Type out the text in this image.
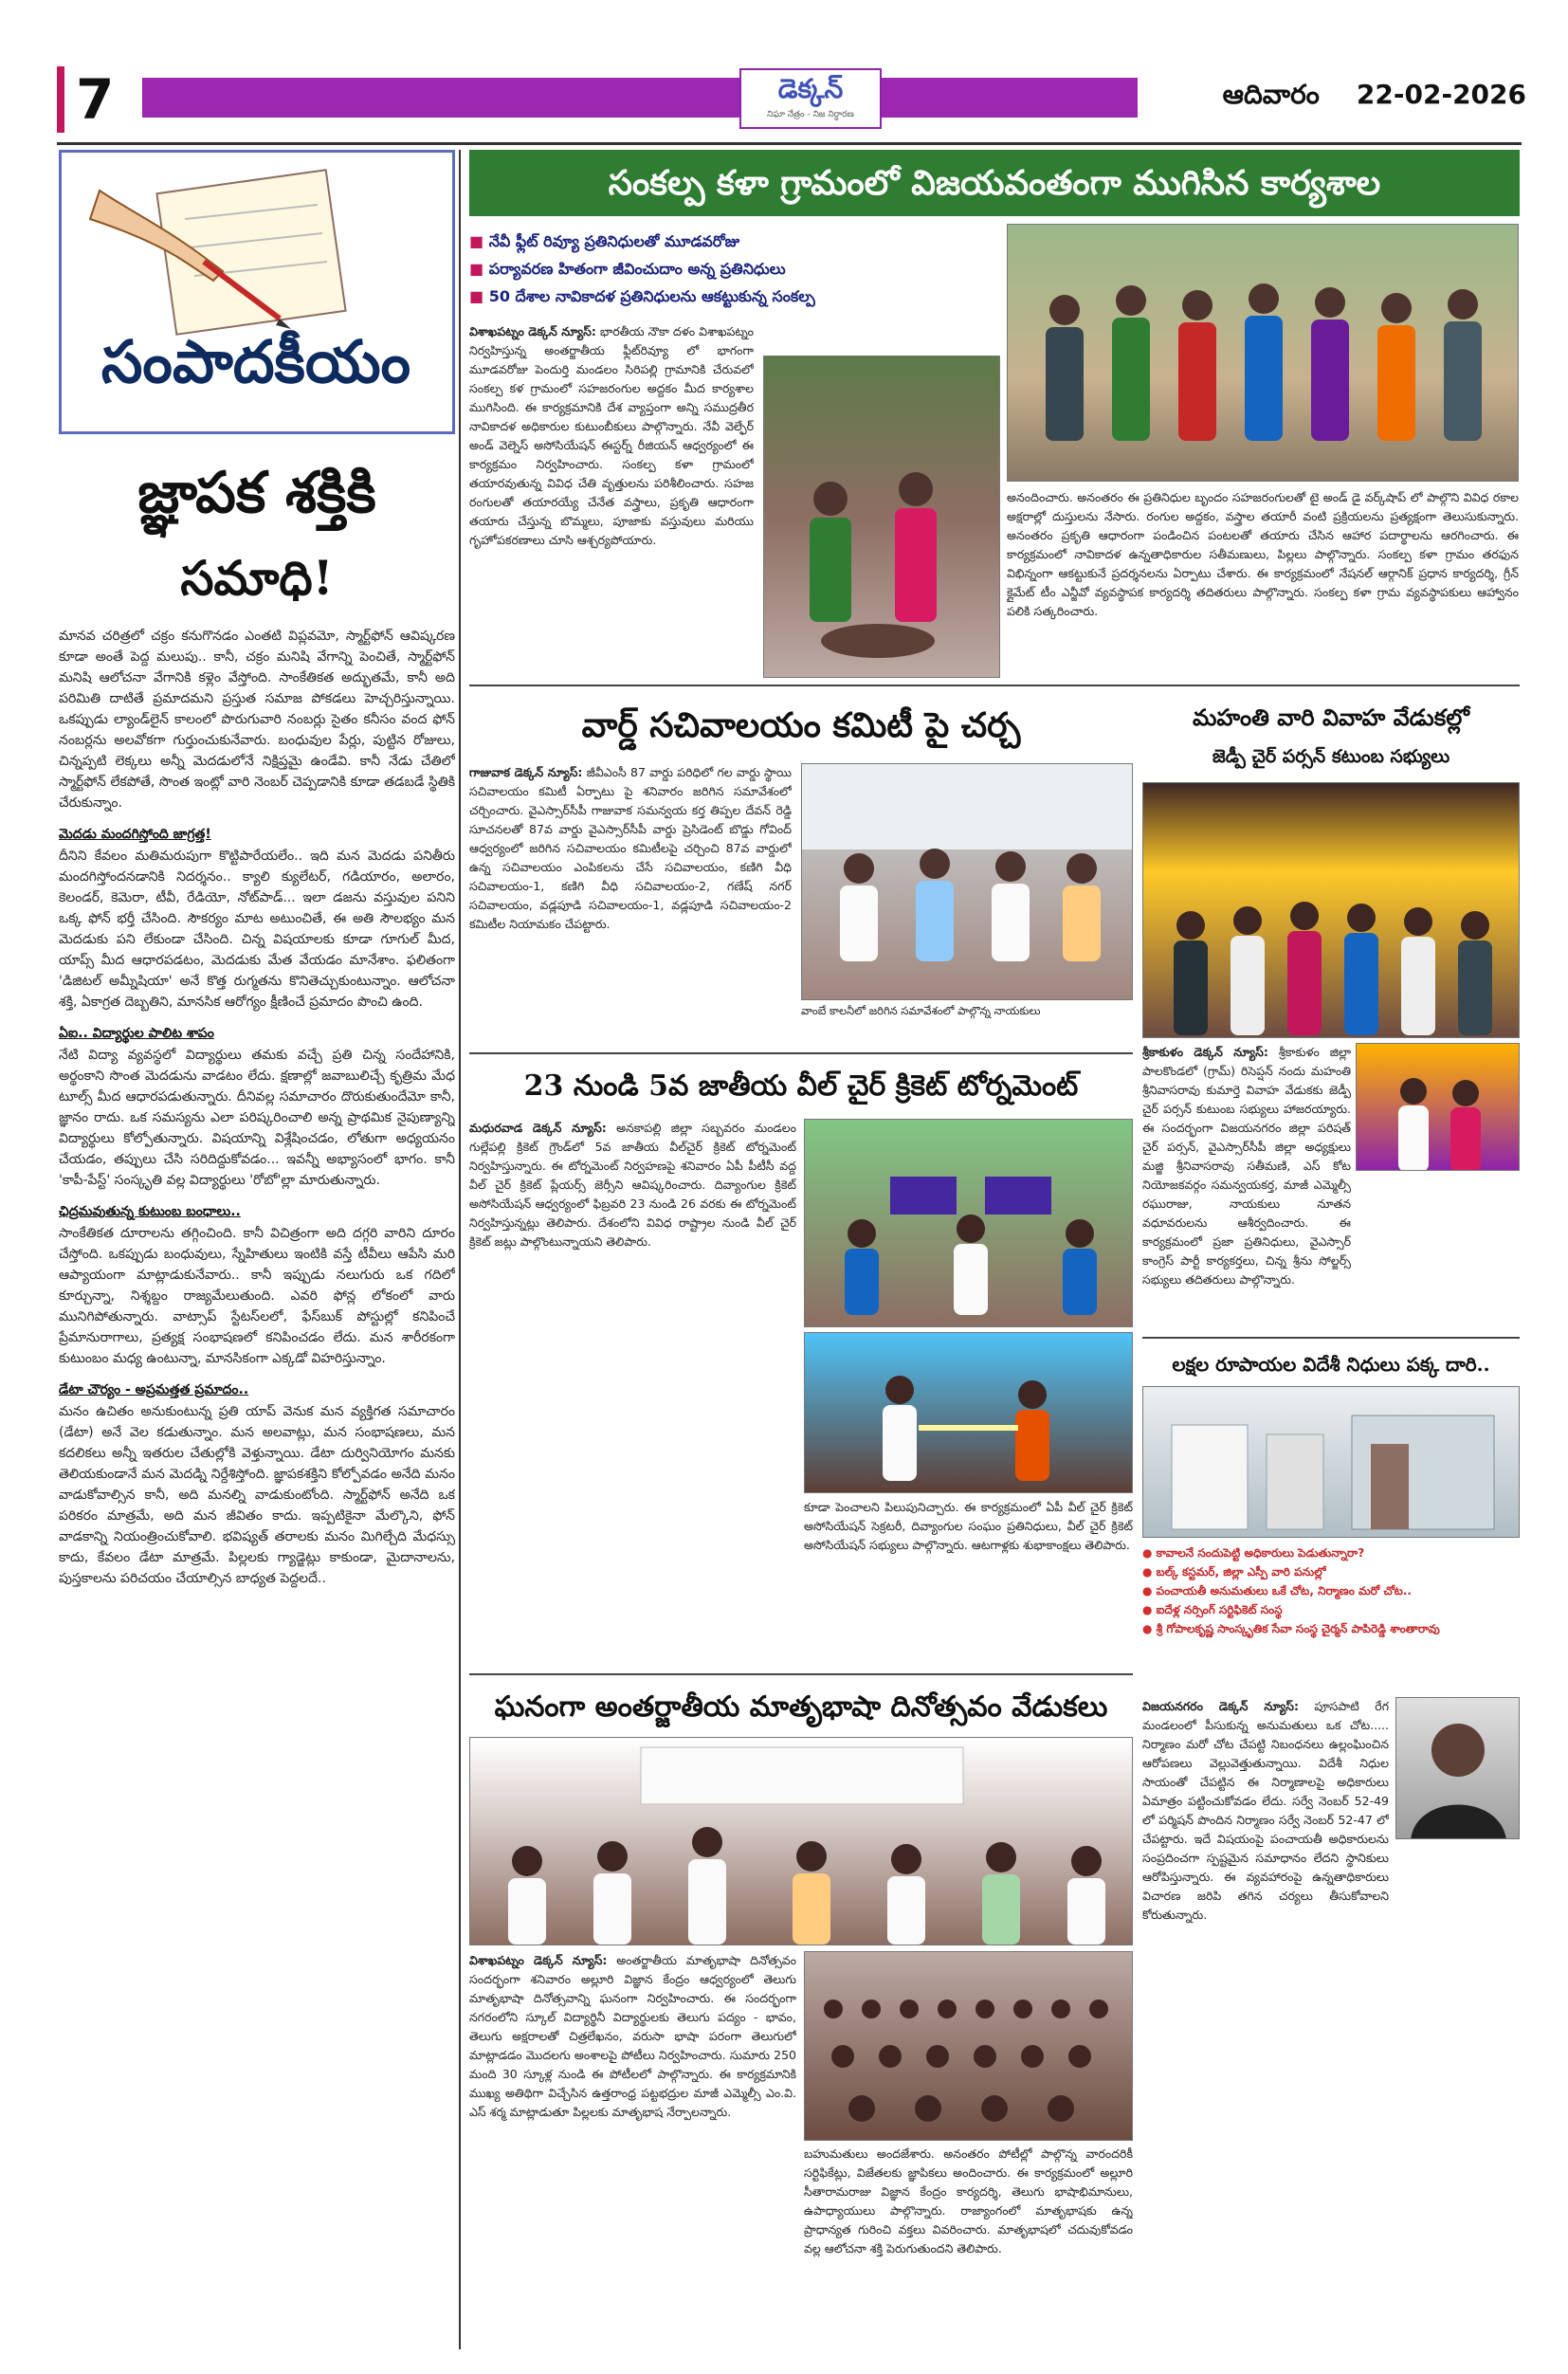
7	డెక్కన్
నిఘా నేత్రం - నిజ నిర్ధారణ
ఆదివారం 22-02-2026
సంపాదకీయం
జ్ఞాపక శక్తికి
సమాధి!
మానవ చరిత్రలో చక్రం కనుగొనడం ఎంతటి విప్లవమో, స్మార్ట్‌ఫోన్ ఆవిష్కరణ కూడా అంతే పెద్ద మలుపు.. కానీ, చక్రం మనిషి వేగాన్ని పెంచితే, స్మార్ట్‌ఫోన్ మనిషి ఆలోచనా వేగానికి కళ్లెం వేస్తోంది. సాంకేతికత అద్భుతమే, కానీ అది పరిమితి దాటితే ప్రమాదమని ప్రస్తుత సమాజ పోకడలు హెచ్చరిస్తున్నాయి. ఒకప్పుడు ల్యాండ్‌లైన్ కాలంలో పొరుగువారి నంబర్లు సైతం కనీసం వంద ఫోన్ నంబర్లను అలవోకగా గుర్తుంచుకునేవారు. బంధువుల పేర్లు, పుట్టిన రోజులు, చిన్నప్పటి లెక్కలు అన్నీ మెదడులోనే నిక్షిప్తమై ఉండేవి. కానీ నేడు చేతిలో స్మార్ట్‌ఫోన్ లేకపోతే, సొంత ఇంట్లో వారి నెంబర్ చెప్పడానికి కూడా తడబడే స్థితికి చేరుకున్నాం.
మెదడు మందగిస్తోంది జాగ్రత్త!
దీనిని కేవలం మతిమరుపుగా కొట్టిపారేయలేం.. ఇది మన మెదడు పనితీరు మందగిస్తోందనడానికి నిదర్శనం.. క్యాలి క్యులేటర్, గడియారం, అలారం, కెలండర్, కెమెరా, టీవీ, రేడియో, నోట్‌పాడ్... ఇలా డజను వస్తువుల పనిని ఒక్క ఫోన్ భర్తీ చేసింది. సౌకర్యం మాట అటుంచితే, ఈ అతి సౌలభ్యం మన మెదడుకు పని లేకుండా చేసింది. చిన్న విషయాలకు కూడా గూగుల్ మీద, యాప్స్ మీద ఆధారపడటం, మెదడుకు మేత వేయడం మానేశాం. ఫలితంగా 'డిజిటల్ అమ్నీషియా' అనే కొత్త రుగ్మతను కొనితెచ్చుకుంటున్నాం. ఆలోచనా శక్తి, ఏకాగ్రత దెబ్బతిని, మానసిక ఆరోగ్యం క్షీణించే ప్రమాదం పొంచి ఉంది.
ఏఐ.. విద్యార్థుల పాలిట శాపం
నేటి విద్యా వ్యవస్థలో విద్యార్థులు తమకు వచ్చే ప్రతి చిన్న సందేహానికి, అర్థంకాని సొంత మెదడును వాడటం లేదు. క్షణాల్లో జవాబులిచ్చే కృత్రిమ మేధ టూల్స్ మీద ఆధారపడుతున్నారు. దీనివల్ల సమాచారం దొరుకుతుందేమో కానీ, జ్ఞానం రాదు. ఒక సమస్యను ఎలా పరిష్కరించాలి అన్న ప్రాథమిక నైపుణ్యాన్ని విద్యార్థులు కోల్పోతున్నారు. విషయాన్ని విశ్లేషించడం, లోతుగా అధ్యయనం చేయడం, తప్పులు చేసి సరిదిద్దుకోవడం... ఇవన్నీ అభ్యాసంలో భాగం. కానీ 'కాపీ-పేస్ట్' సంస్కృతి వల్ల విద్యార్థులు 'రోబో'ల్లా మారుతున్నారు.
ఛిద్రమవుతున్న కుటుంబ బంధాలు..
సాంకేతికత దూరాలను తగ్గించింది. కానీ విచిత్రంగా అది దగ్గరి వారిని దూరం చేస్తోంది. ఒకప్పుడు బంధువులు, స్నేహితులు ఇంటికి వస్తే టీవీలు ఆపేసి మరి ఆప్యాయంగా మాట్లాడుకునేవారు.. కానీ ఇప్పుడు నలుగురు ఒక గదిలో కూర్చున్నా, నిశ్శబ్దం రాజ్యమేలుతుంది. ఎవరి ఫోన్ల లోకంలో వారు మునిగిపోతున్నారు. వాట్సాప్ స్టేటస్‌లలో, ఫేస్‌బుక్ పోస్టుల్లో కనిపించే ప్రేమానురాగాలు, ప్రత్యక్ష సంభాషణలో కనిపించడం లేదు. మన శారీరకంగా కుటుంబం మధ్య ఉంటున్నా, మానసికంగా ఎక్కడో విహరిస్తున్నాం.
డేటా చౌర్యం - అప్రమత్తత ప్రమాదం..
మనం ఉచితం అనుకుంటున్న ప్రతి యాప్ వెనుక మన వ్యక్తిగత సమాచారం (డేటా) అనే వెల కడుతున్నాం. మన అలవాట్లు, మన సంభాషణలు, మన కదలికలు అన్నీ ఇతరుల చేతుల్లోకి వెళ్తున్నాయి. డేటా దుర్వినియోగం మనకు తెలియకుండానే మన మెదడ్ని నిర్దేశిస్తోంది. జ్ఞాపకశక్తిని కోల్పోవడం అనేది మనం వాడుకోవాల్సిన కానీ, అది మనల్ని వాడుకుంటోంది. స్మార్ట్‌ఫోన్ అనేది ఒక పరికరం మాత్రమే, అది మన జీవితం కాదు. ఇప్పటికైనా మేల్కొని, ఫోన్ వాడకాన్ని నియంత్రించుకోవాలి. భవిష్యత్ తరాలకు మనం మిగిల్చేది మేధస్సు కాదు, కేవలం డేటా మాత్రమే. పిల్లలకు గ్యాడ్జెట్లు కాకుండా, మైదానాలను, పుస్తకాలను పరిచయం చేయాల్సిన బాధ్యత పెద్దలదే..
సంకల్ప కళా గ్రామంలో విజయవంతంగా ముగిసిన కార్యశాల
■ నేవీ ఫ్లీట్ రివ్యూ ప్రతినిధులతో మూడవరోజు
■ పర్యావరణ హితంగా జీవించుదాం అన్న ప్రతినిధులు
■ 50 దేశాల నావికాదళ ప్రతినిధులను ఆకట్టుకున్న సంకల్ప
విశాఖపట్నం డెక్కన్ న్యూస్: భారతీయ నౌకా దళం విశాఖపట్నం నిర్వహిస్తున్న అంతర్జాతీయ ఫ్లీట్‌రివ్యూ లో భాగంగా మూడవరోజు పెందుర్తి మండలం సిరిపల్లి గ్రామానికి చేరువలో సంకల్ప కళ గ్రామంలో సహజరంగుల అద్దకం మీద కార్యశాల ముగిసింది. ఈ కార్యక్రమానికి దేశ వ్యాప్తంగా అన్ని సముద్రతీర నావికాదళ అధికారుల కుటుంబీకులు పాల్గొన్నారు. నేవీ వెల్ఫేర్ అండ్ వెల్నెస్ అసోసియేషన్ ఈస్టర్న్ రీజియన్ ఆధ్వర్యంలో ఈ కార్యక్రమం నిర్వహించారు. సంకల్ప కళా గ్రామంలో తయారవుతున్న వివిధ చేతి వృత్తులను పరిశీలించారు. సహజ రంగులతో తయారయ్యే చేనేత వస్త్రాలు, ప్రకృతి ఆధారంగా తయారు చేస్తున్న బొమ్మలు, పూజాకు వస్తువులు మరియు గృహోపకరణాలు చూసి ఆశ్చర్యపోయారు.
అనందించారు. అనంతరం ఈ ప్రతినిధుల బృందం సహజరంగులతో టై అండ్ డై వర్క్‌షాప్ లో పాల్గొని వివిధ రకాల అక్షరాల్లో దుస్తులను నేసారు. రంగుల అద్దకం, వస్త్రాల తయారీ వంటి ప్రక్రియలను ప్రత్యక్షంగా తెలుసుకున్నారు. అనంతరం ప్రకృతి ఆధారంగా పండించిన పంటలతో తయారు చేసిన ఆహార పదార్థాలను ఆరగించారు. ఈ కార్యక్రమంలో నావికాదళ ఉన్నతాధికారుల సతీమణులు, పిల్లలు పాల్గొన్నారు. సంకల్ప కళా గ్రామం తరఫున విభిన్నంగా ఆకట్టుకునే ప్రదర్శనలను ఏర్పాటు చేశారు. ఈ కార్యక్రమంలో నేషనల్ ఆర్గానిక్ ప్రధాన కార్యదర్శి, గ్రీన్ క్లైమేట్ టీం ఎన్జీవో వ్యవస్థాపక కార్యదర్శి తదితరులు పాల్గొన్నారు. సంకల్ప కళా గ్రామ వ్యవస్థాపకులు ఆహ్వానం పలికి సత్కరించారు.
వార్డ్ సచివాలయం కమిటీ పై చర్చ
గాజువాక డెక్కన్ న్యూస్: జీవీఎంసీ 87 వార్డు పరిధిలో గల వార్డు స్థాయి సచివాలయం కమిటీ ఏర్పాటు పై శనివారం జరిగిన సమావేశంలో చర్చించారు. వైఎస్సార్‌సీపీ గాజువాక సమన్వయ కర్త తిప్పల దేవన్ రెడ్డి సూచనలతో 87వ వార్డు వైఎస్సార్‌సీపీ వార్డు ప్రెసిడెంట్ బొడ్డు గోవింద్ ఆధ్వర్యంలో జరిగిన సచివాలయం కమిటీలపై చర్చించి 87వ వార్డులో ఉన్న సచివాలయం ఎంపికలను చేసే సచివాలయం, కణిగి వీధి సచివాలయం-1, కణిగి వీధి సచివాలయం-2, గణేష్ నగర్ సచివాలయం, వడ్లపూడి సచివాలయం-1, వడ్లపూడి సచివాలయం-2 కమిటీల నియామకం చేపట్టారు.
వాంబే కాలనీలో జరిగిన సమావేశంలో పాల్గొన్న నాయకులు
మహంతి వారి వివాహ వేడుకల్లో
జెడ్పీ చైర్ పర్సన్ కటుంబ సభ్యులు
శ్రీకాకుళం డెక్కన్ న్యూస్: శ్రీకాకుళం జిల్లా పాలకొండలో (గ్రామ్) రిసెప్షన్ నందు మహంతి శ్రీనివాసరావు కుమార్తె వివాహ వేడుకకు జెడ్పీ చైర్ పర్సన్ కుటుంబ సభ్యులు హాజరయ్యారు. ఈ సందర్భంగా విజయనగరం జిల్లా పరిషత్ చైర్ పర్సన్, వైఎస్సార్‌సీపీ జిల్లా అధ్యక్షులు మజ్జి శ్రీనివాసరావు సతీమణి, ఎస్ కోట నియోజకవర్గం సమన్వయకర్త, మాజీ ఎమ్మెల్సీ రఘురాజు, నాయకులు నూతన వధూవరులను ఆశీర్వదించారు. ఈ కార్యక్రమంలో ప్రజా ప్రతినిధులు, వైఎస్సార్ కాంగ్రెస్ పార్టీ కార్యకర్తలు, చిన్న శ్రీను సోల్జర్స్ సభ్యులు తదితరులు పాల్గొన్నారు.
23 నుండి 5వ జాతీయ వీల్ చైర్ క్రికెట్ టోర్నమెంట్
మధురవాడ డెక్కన్ న్యూస్: అనకాపల్లి జిల్లా సబ్బవరం మండలం గుల్లేపల్లి క్రికెట్ గ్రౌండ్‌లో 5వ జాతీయ వీల్‌చైర్ క్రికెట్ టోర్నమెంట్ నిర్వహిస్తున్నారు. ఈ టోర్నమెంట్ నిర్వహణపై శనివారం ఏపీ పీటీసీ వద్ద వీల్ చైర్ క్రికెట్ ప్లేయర్స్ జెర్సీని ఆవిష్కరించారు. దివ్యాంగుల క్రికెట్ అసోసియేషన్ ఆధ్వర్యంలో ఫిబ్రవరి 23 నుండి 26 వరకు ఈ టోర్నమెంట్ నిర్వహిస్తున్నట్లు తెలిపారు. దేశంలోని వివిధ రాష్ట్రాల నుండి వీల్ చైర్ క్రికెట్ జట్లు పాల్గొంటున్నాయని తెలిపారు.
కూడా పెంచాలని పిలుపునిచ్చారు. ఈ కార్యక్రమంలో ఏపీ వీల్ చైర్ క్రికెట్ అసోసియేషన్ సెక్రటరీ, దివ్యాంగుల సంఘం ప్రతినిధులు, వీల్ చైర్ క్రికెట్ అసోసియేషన్ సభ్యులు పాల్గొన్నారు. ఆటగాళ్లకు శుభాకాంక్షలు తెలిపారు.
లక్షల రూపాయల విదేశీ నిధులు పక్క దారి..
● కావాలనే సందుపెట్టి అధికారులు పెడుతున్నారా?
● బల్క్ కస్టమర్, జిల్లా ఎస్పీ వారి పనుల్లో
● పంచాయతీ అనుమతులు ఒకే చోట, నిర్మాణం మరో చోట..
● ఐదేళ్ల నర్సింగ్ సర్టిఫికెట్ సంస్థ
● శ్రీ గోపాలకృష్ణ సాంస్కృతిక సేవా సంస్థ చైర్మన్ పాపిరెడ్డి శాంతారావు
విజయనగరం డెక్కన్ న్యూస్: పూసపాటి రేగ మండలంలో పీసుకున్న అనుమతులు ఒక చోట..... నిర్మాణం మరో చోట చేపట్టి నిబంధనలు ఉల్లంఘించిన ఆరోపణలు వెల్లువెత్తుతున్నాయి. విదేశీ నిధుల సాయంతో చేపట్టిన ఈ నిర్మాణాలపై అధికారులు ఏమాత్రం పట్టించుకోవడం లేదు. సర్వే నెంబర్ 52-49 లో పర్మిషన్ పొందిన నిర్మాణం సర్వే నెంబర్ 52-47 లో చేపట్టారు. ఇదే విషయంపై పంచాయతీ అధికారులను సంప్రదించగా స్పష్టమైన సమాధానం లేదని స్థానికులు ఆరోపిస్తున్నారు. ఈ వ్యవహారంపై ఉన్నతాధికారులు విచారణ జరిపి తగిన చర్యలు తీసుకోవాలని కోరుతున్నారు.
ఘనంగా అంతర్జాతీయ మాతృభాషా దినోత్సవం వేడుకలు
విశాఖపట్నం డెక్కన్ న్యూస్: అంతర్జాతీయ మాతృభాషా దినోత్సవం సందర్భంగా శనివారం అల్లూరి విజ్ఞాన కేంద్రం ఆధ్వర్యంలో తెలుగు మాతృభాషా దినోత్సవాన్ని ఘనంగా నిర్వహించారు. ఈ సందర్భంగా నగరంలోని స్కూల్ విద్యార్థినీ విద్యార్థులకు తెలుగు పద్యం - భావం, తెలుగు అక్షరాలతో చిత్రలేఖనం, వరుసా భాషా పరంగా తెలుగులో మాట్లాడడం మొదలగు అంశాలపై పోటీలు నిర్వహించారు. సుమారు 250 మంది 30 స్కూళ్ల నుండి ఈ పోటీలలో పాల్గొన్నారు. ఈ కార్యక్రమానికి ముఖ్య అతిథిగా విచ్చేసిన ఉత్తరాంధ్ర పట్టభద్రుల మాజీ ఎమ్మెల్సీ ఎం.వి. ఎస్ శర్మ మాట్లాడుతూ పిల్లలకు మాతృభాష నేర్పాలన్నారు.
బహుమతులు అందజేశారు. అనంతరం పోటీల్లో పాల్గొన్న వారందరికీ సర్టిఫికేట్లు, విజేతలకు జ్ఞాపికలు అందించారు. ఈ కార్యక్రమంలో అల్లూరి సీతారామరాజు విజ్ఞాన కేంద్రం కార్యదర్శి, తెలుగు భాషాభిమానులు, ఉపాధ్యాయులు పాల్గొన్నారు. రాజ్యాంగంలో మాతృభాషకు ఉన్న ప్రాధాన్యత గురించి వక్తలు వివరించారు. మాతృభాషలో చదువుకోవడం వల్ల ఆలోచనా శక్తి పెరుగుతుందని తెలిపారు.
